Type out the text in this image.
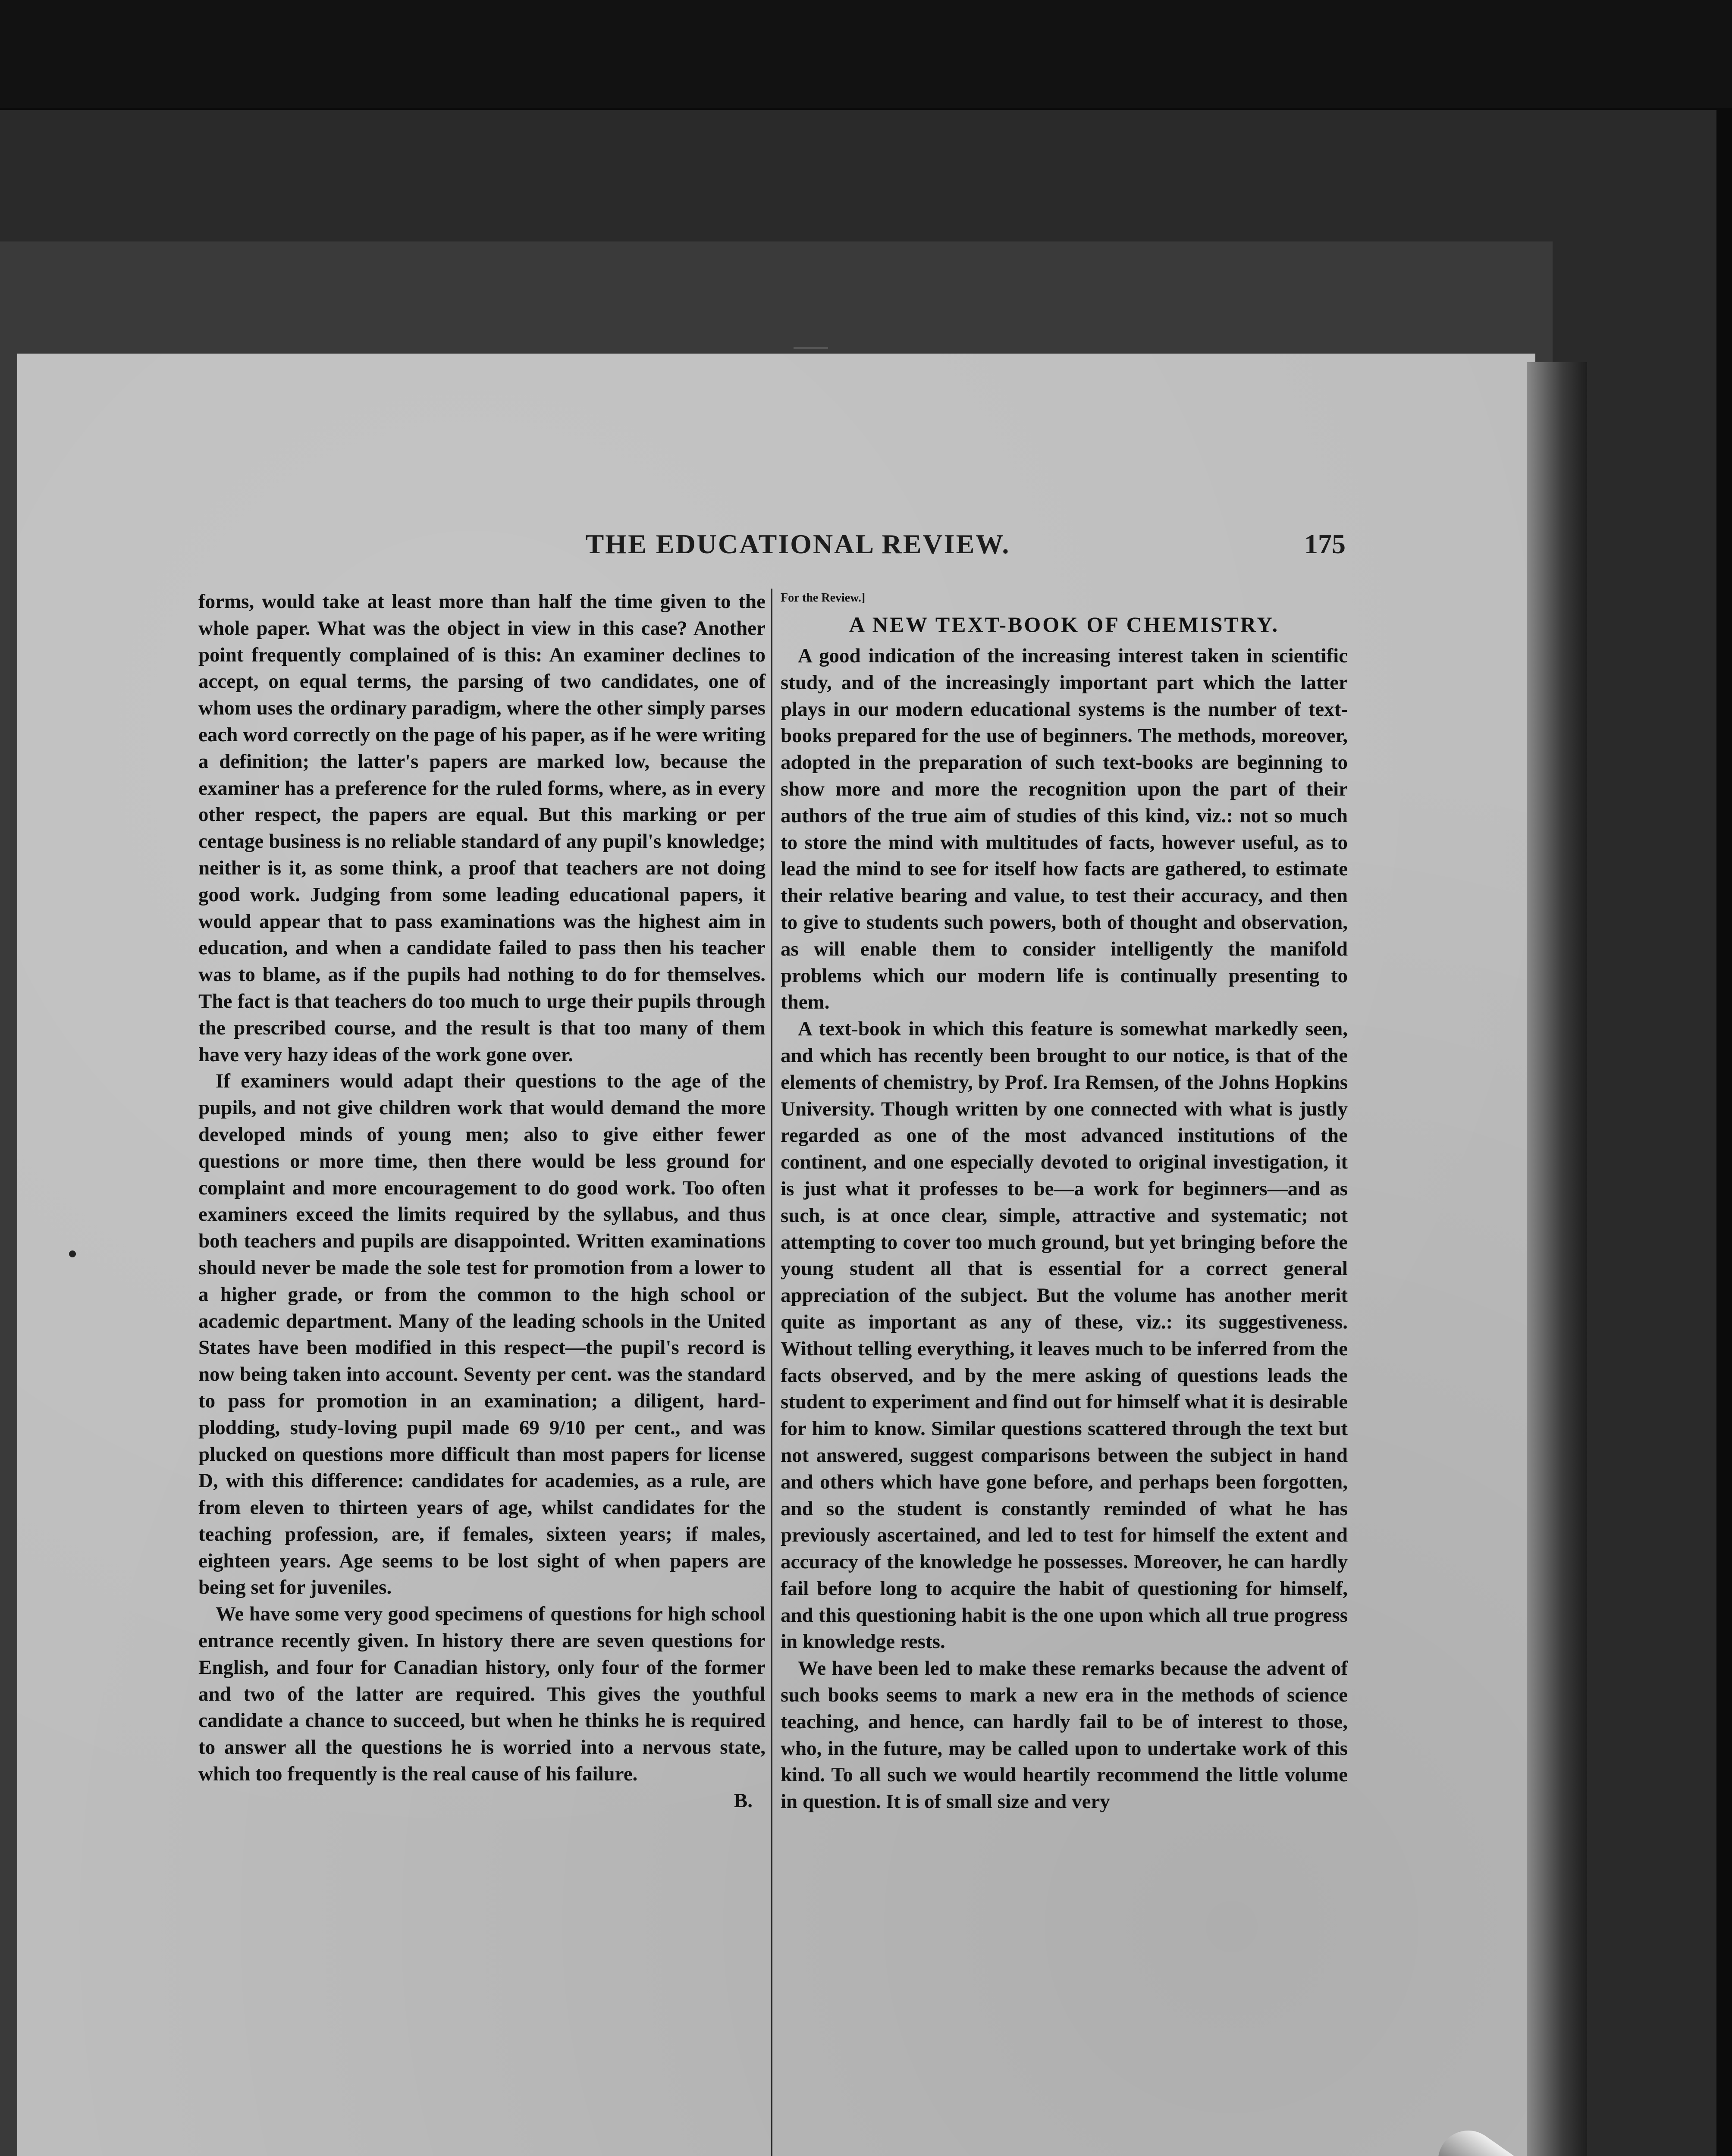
THE EDUCATIONAL REVIEW.	175

forms, would take at least more than half the time given to the whole paper. What was the object in view in this case? Another point frequently complained of is this: An examiner declines to accept, on equal terms, the parsing of two candidates, one of whom uses the ordinary paradigm, where the other simply parses each word correctly on the page of his paper, as if he were writing a definition; the latter's papers are marked low, because the examiner has a preference for the ruled forms, where, as in every other respect, the papers are equal. But this marking or per centage business is no reliable standard of any pupil's knowledge; neither is it, as some think, a proof that teachers are not doing good work. Judging from some leading educational papers, it would appear that to pass examinations was the highest aim in education, and when a candidate failed to pass then his teacher was to blame, as if the pupils had nothing to do for themselves. The fact is that teachers do too much to urge their pupils through the prescribed course, and the result is that too many of them have very hazy ideas of the work gone over.

If examiners would adapt their questions to the age of the pupils, and not give children work that would demand the more developed minds of young men; also to give either fewer questions or more time, then there would be less ground for complaint and more encouragement to do good work. Too often examiners exceed the limits required by the syllabus, and thus both teachers and pupils are disappointed. Written examinations should never be made the sole test for promotion from a lower to a higher grade, or from the common to the high school or academic department. Many of the leading schools in the United States have been modified in this respect—the pupil's record is now being taken into account. Seventy per cent. was the standard to pass for promotion in an examination; a diligent, hard-plodding, study-loving pupil made 69 9/10 per cent., and was plucked on questions more difficult than most papers for license D, with this difference: candidates for academies, as a rule, are from eleven to thirteen years of age, whilst candidates for the teaching profession, are, if females, sixteen years; if males, eighteen years. Age seems to be lost sight of when papers are being set for juveniles.

We have some very good specimens of questions for high school entrance recently given. In history there are seven questions for English, and four for Canadian history, only four of the former and two of the latter are required. This gives the youthful candidate a chance to succeed, but when he thinks he is required to answer all the questions he is worried into a nervous state, which too frequently is the real cause of his failure.

B.

For the Review.]

A NEW TEXT-BOOK OF CHEMISTRY.

A good indication of the increasing interest taken in scientific study, and of the increasingly important part which the latter plays in our modern educational systems is the number of text-books prepared for the use of beginners. The methods, moreover, adopted in the preparation of such text-books are beginning to show more and more the recognition upon the part of their authors of the true aim of studies of this kind, viz.: not so much to store the mind with multitudes of facts, however useful, as to lead the mind to see for itself how facts are gathered, to estimate their relative bearing and value, to test their accuracy, and then to give to students such powers, both of thought and observation, as will enable them to consider intelligently the manifold problems which our modern life is continually presenting to them.

A text-book in which this feature is somewhat markedly seen, and which has recently been brought to our notice, is that of the elements of chemistry, by Prof. Ira Remsen, of the Johns Hopkins University. Though written by one connected with what is justly regarded as one of the most advanced institutions of the continent, and one especially devoted to original investigation, it is just what it professes to be—a work for beginners—and as such, is at once clear, simple, attractive and systematic; not attempting to cover too much ground, but yet bringing before the young student all that is essential for a correct general appreciation of the subject. But the volume has another merit quite as important as any of these, viz.: its suggestiveness. Without telling everything, it leaves much to be inferred from the facts observed, and by the mere asking of questions leads the student to experiment and find out for himself what it is desirable for him to know. Similar questions scattered through the text but not answered, suggest comparisons between the subject in hand and others which have gone before, and perhaps been forgotten, and so the student is constantly reminded of what he has previously ascertained, and led to test for himself the extent and accuracy of the knowledge he possesses. Moreover, he can hardly fail before long to acquire the habit of questioning for himself, and this questioning habit is the one upon which all true progress in knowledge rests.

We have been led to make these remarks because the advent of such books seems to mark a new era in the methods of science teaching, and hence, can hardly fail to be of interest to those, who, in the future, may be called upon to undertake work of this kind. To all such we would heartily recommend the little volume in question. It is of small size and very
